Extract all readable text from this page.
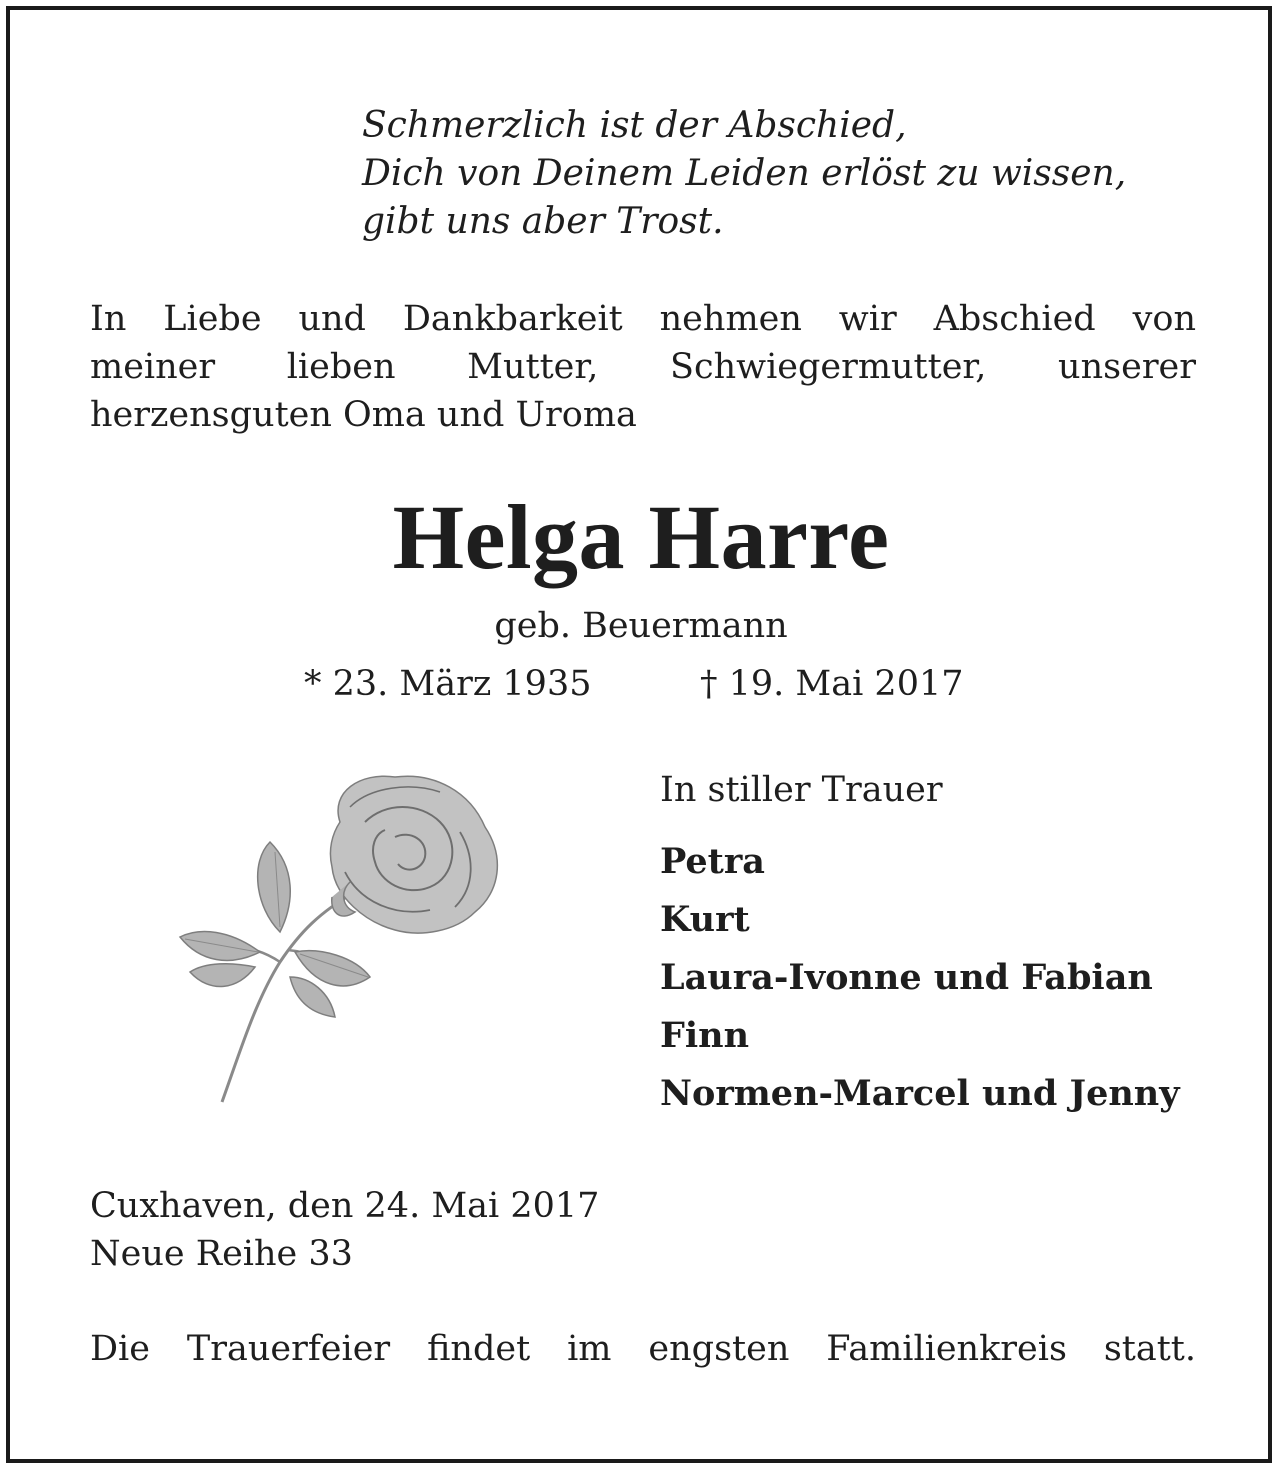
Schmerzlich ist der Abschied,
Dich von Deinem Leiden erlöst zu wissen,
gibt uns aber Trost.
In Liebe und Dankbarkeit nehmen wir Abschied von
meiner lieben Mutter, Schwiegermutter, unserer
herzensguten Oma und Uroma
Helga Harre
geb. Beuermann
* 23. März 1935	† 19. Mai 2017
In stiller Trauer
Petra
Kurt
Laura-Ivonne und Fabian
Finn
Normen-Marcel und Jenny
Cuxhaven, den 24. Mai 2017
Neue Reihe 33
Die Trauerfeier findet im engsten Familienkreis statt.
